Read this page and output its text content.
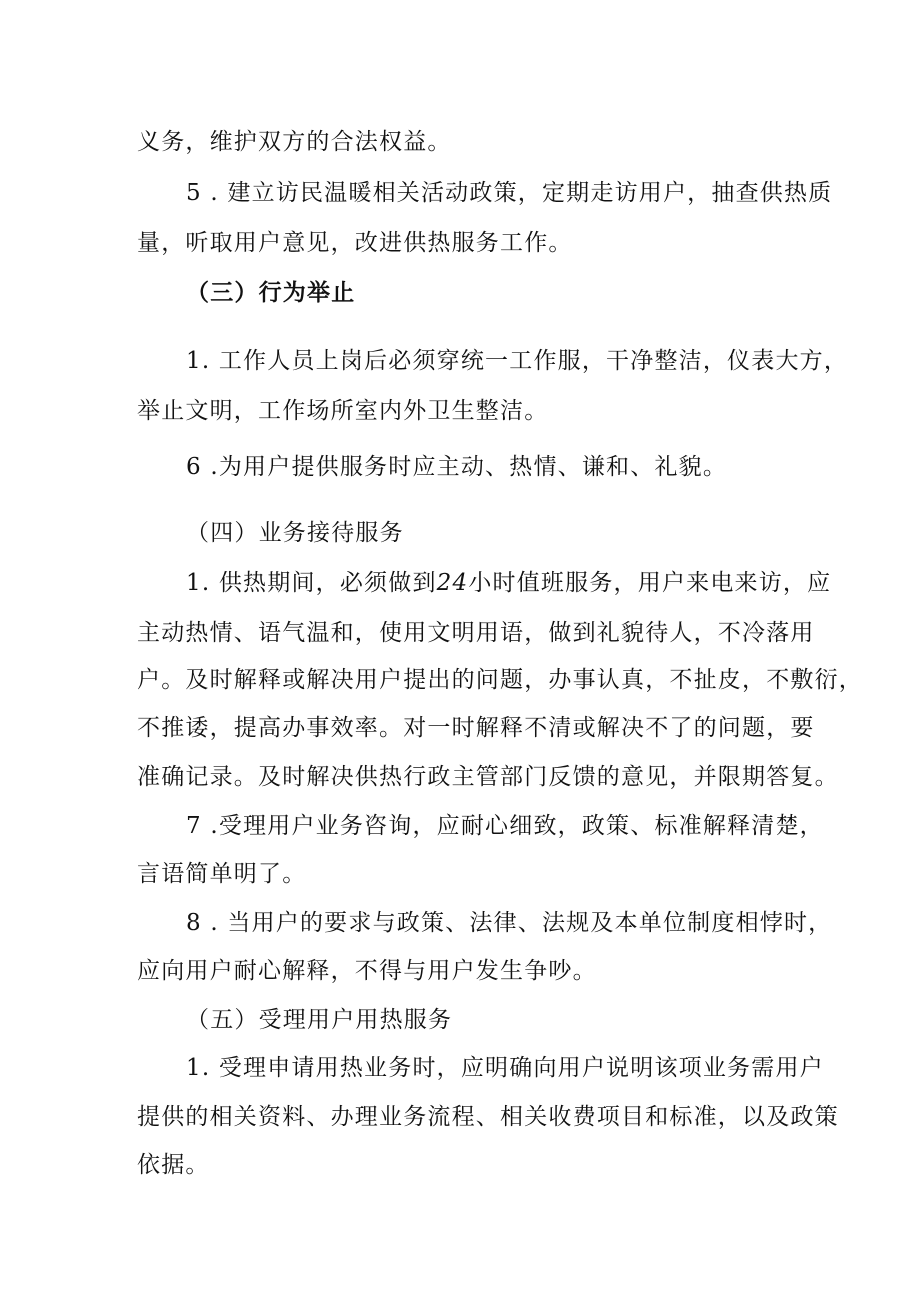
义务，维护双方的合法权益。
5 . 建立访民温暖相关活动政策，定期走访用户，抽查供热质
量，听取用户意见，改进供热服务工作。
（三）行为举止
1. 工作人员上岗后必须穿统一工作服，干净整洁，仪表大方，
举止文明，工作场所室内外卫生整洁。
6 .为用户提供服务时应主动、热情、谦和、礼貌。
（四）业务接待服务
1. 供热期间，必须做到24小时值班服务，用户来电来访，应
主动热情、语气温和，使用文明用语，做到礼貌待人，不冷落用
户。及时解释或解决用户提出的问题，办事认真，不扯皮，不敷衍，
不推诿，提高办事效率。对一时解释不清或解决不了的问题，要
准确记录。及时解决供热行政主管部门反馈的意见，并限期答复。
7 .受理用户业务咨询，应耐心细致，政策、标准解释清楚，
言语简单明了。
8 . 当用户的要求与政策、法律、法规及本单位制度相悖时，
应向用户耐心解释，不得与用户发生争吵。
（五）受理用户用热服务
1. 受理申请用热业务时，应明确向用户说明该项业务需用户
提供的相关资料、办理业务流程、相关收费项目和标准，以及政策
依据。
